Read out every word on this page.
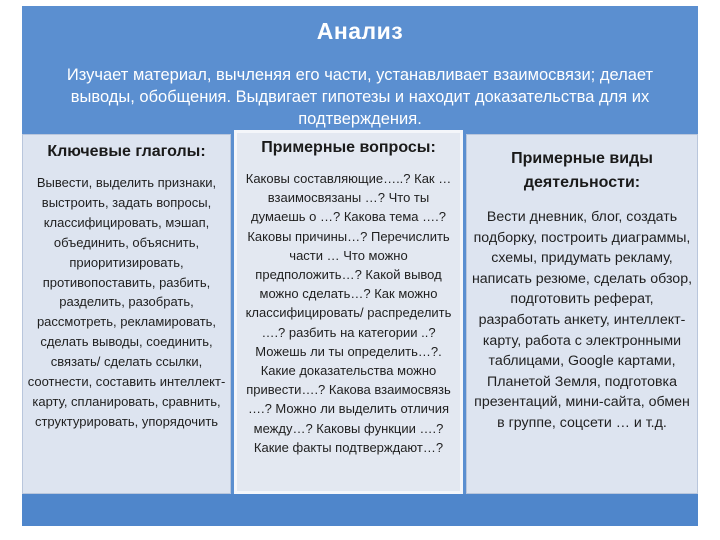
Анализ
Изучает материал, вычленяя его части, устанавливает взаимосвязи; делает выводы, обобщения. Выдвигает гипотезы и находит доказательства для их подтверждения.
Ключевые глаголы:
Вывести, выделить признаки, выстроить, задать вопросы, классифицировать, мэшап, объединить, объяснить, приоритизировать, противопоставить, разбить, разделить, разобрать, рассмотреть, рекламировать, сделать выводы, соединить, связать/ сделать ссылки, соотнести, составить интеллект-карту, спланировать, сравнить, структурировать, упорядочить
Примерные вопросы:
Каковы составляющие…..? Как …взаимосвязаны …? Что ты думаешь о …? Какова тема ….? Каковы причины…? Перечислить части … Что можно предположить…? Какой вывод можно сделать…? Как можно классифицировать/ распределить ….? разбить на категории ..? Можешь ли ты определить…?. Какие доказательства можно привести….? Какова взаимосвязь ….? Можно ли выделить отличия между…? Каковы функции ….? Какие факты подтверждают…?
Примерные виды деятельности:
Вести дневник, блог, создать подборку, построить диаграммы, схемы, придумать рекламу, написать резюме, сделать обзор, подготовить реферат, разработать анкету, интеллект-карту, работа с электронными таблицами, Google картами, Планетой Земля, подготовка презентаций, мини-сайта, обмен в группе, соцсети … и т.д.
